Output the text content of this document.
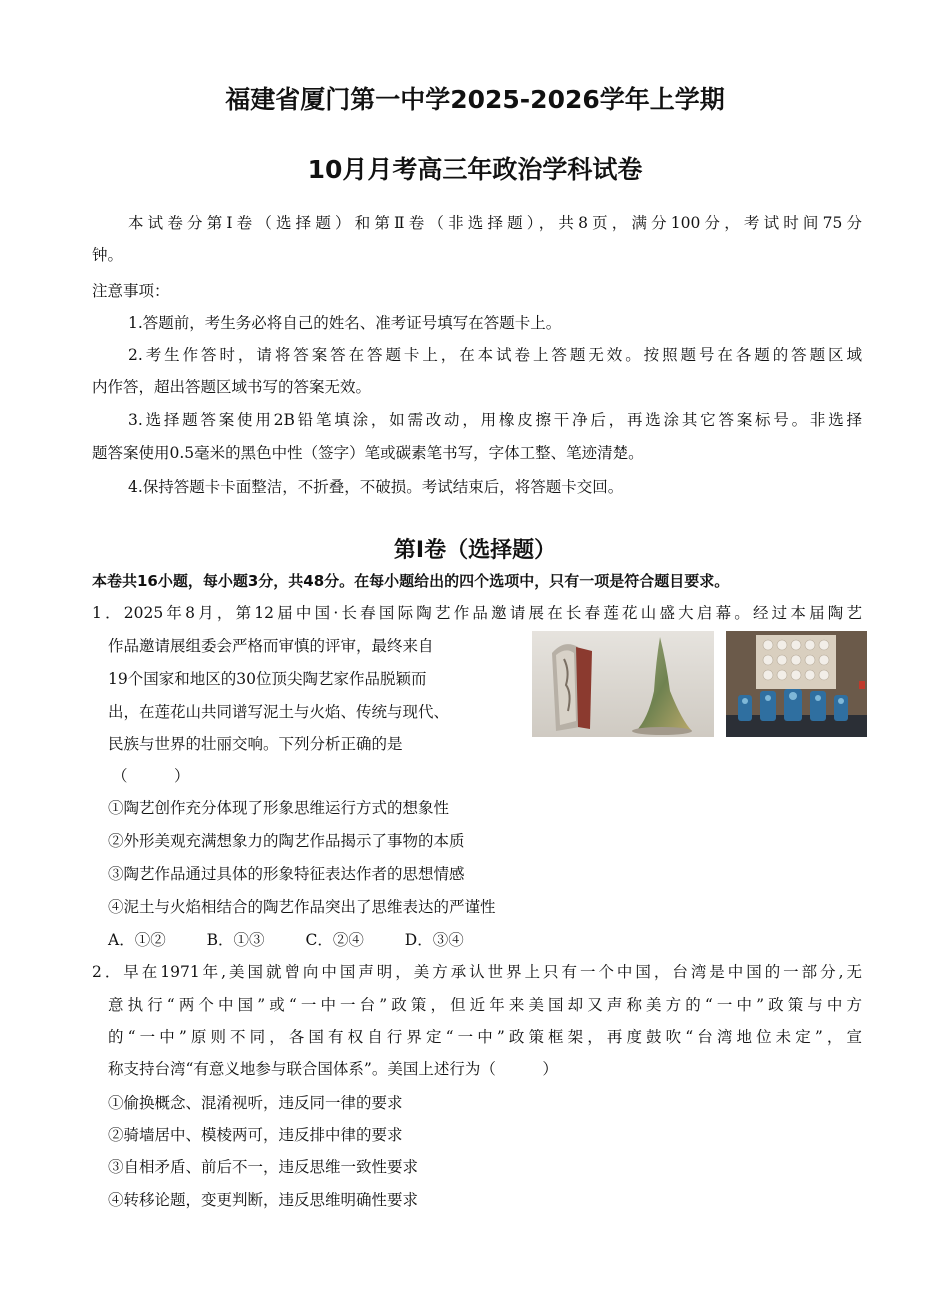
福建省厦门第一中学2025-2026学年上学期
10月月考高三年政治学科试卷
本试卷分第Ⅰ卷（选择题）和第Ⅱ卷（非选择题），共8页，满分100分，考试时间75分
钟。
注意事项：
1.答题前，考生务必将自己的姓名、准考证号填写在答题卡上。
2.考生作答时，请将答案答在答题卡上，在本试卷上答题无效。按照题号在各题的答题区域
内作答，超出答题区域书写的答案无效。
3.选择题答案使用2B铅笔填涂，如需改动，用橡皮擦干净后，再选涂其它答案标号。非选择
题答案使用0.5毫米的黑色中性（签字）笔或碳素笔书写，字体工整、笔迹清楚。
4.保持答题卡卡面整洁，不折叠，不破损。考试结束后，将答题卡交回。
第Ⅰ卷（选择题）
本卷共16小题，每小题3分，共48分。在每小题给出的四个选项中，只有一项是符合题目要求。
1．2025年8月，第12届中国·长春国际陶艺作品邀请展在长春莲花山盛大启幕。经过本届陶艺
作品邀请展组委会严格而审慎的评审，最终来自
19个国家和地区的30位顶尖陶艺家作品脱颖而
出，在莲花山共同谱写泥土与火焰、传统与现代、
民族与世界的壮丽交响。下列分析正确的是
（　　　）
①陶艺创作充分体现了形象思维运行方式的想象性
②外形美观充满想象力的陶艺作品揭示了事物的本质
③陶艺作品通过具体的形象特征表达作者的思想情感
④泥土与火焰相结合的陶艺作品突出了思维表达的严谨性
A．①②	B．①③	C．②④	D．③④
2．早在1971年,美国就曾向中国声明，美方承认世界上只有一个中国，台湾是中国的一部分,无
意执行“两个中国”或“一中一台”政策，但近年来美国却又声称美方的“一中”政策与中方
的“一中”原则不同，各国有权自行界定“一中”政策框架，再度鼓吹“台湾地位未定”，宣
称支持台湾“有意义地参与联合国体系”。美国上述行为（　　　）
①偷换概念、混淆视听，违反同一律的要求
②骑墙居中、模棱两可，违反排中律的要求
③自相矛盾、前后不一，违反思维一致性要求
④转移论题，变更判断，违反思维明确性要求
